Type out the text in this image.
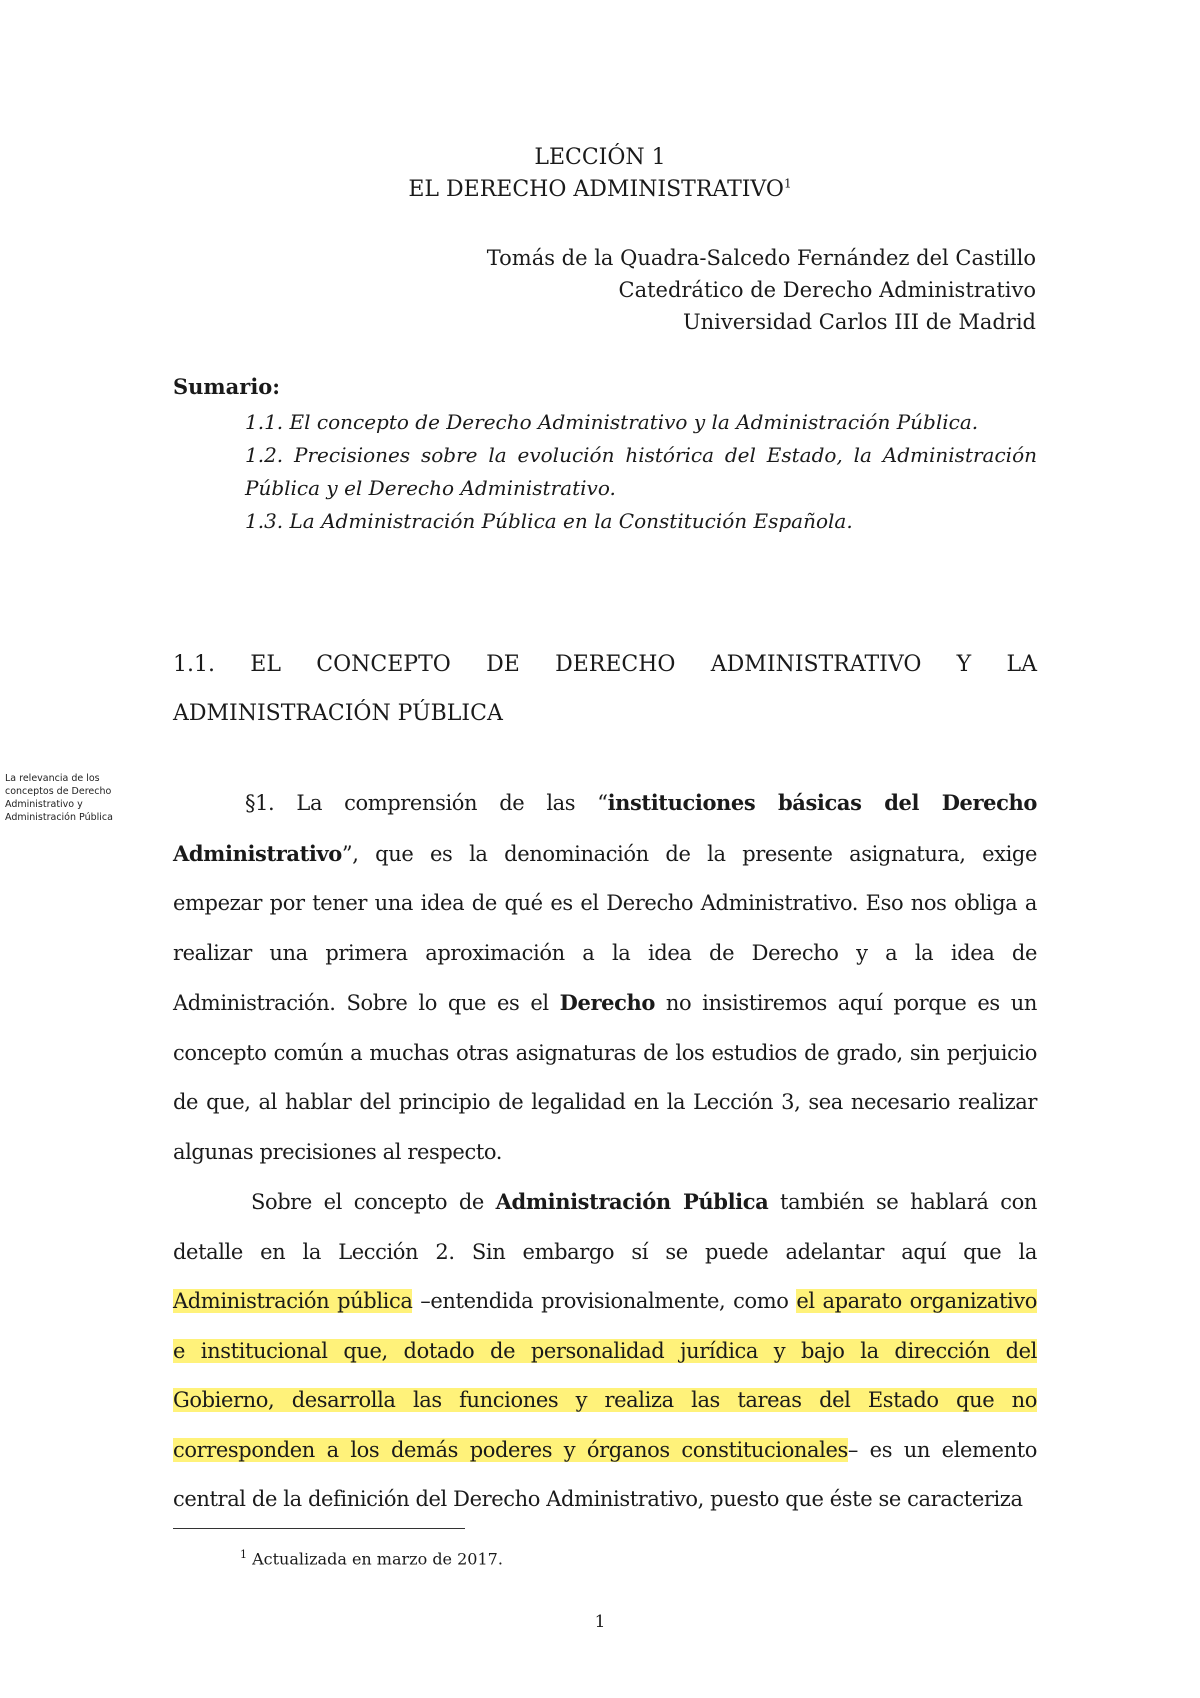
LECCIÓN 1
EL DERECHO ADMINISTRATIVO$^1$
Tomás de la Quadra-Salcedo Fernández del Castillo
Catedrático de Derecho Administrativo
Universidad Carlos III de Madrid
Sumario:
1.1. El concepto de Derecho Administrativo y la Administración Pública.
1.2. Precisiones sobre la evolución histórica del Estado, la Administración Pública y el Derecho Administrativo.
1.3. La Administración Pública en la Constitución Española.
1.1. EL CONCEPTO DE DERECHO ADMINISTRATIVO Y LA ADMINISTRACIÓN PÚBLICA
La relevancia de los conceptos de Derecho Administrativo y Administración Pública

§1. La comprensión de las “instituciones básicas del Derecho Administrativo”, que es la denominación de la presente asignatura, exige empezar por tener una idea de qué es el Derecho Administrativo. Eso nos obliga a realizar una primera aproximación a la idea de Derecho y a la idea de Administración. Sobre lo que es el Derecho no insistiremos aquí porque es un concepto común a muchas otras asignaturas de los estudios de grado, sin perjuicio de que, al hablar del principio de legalidad en la Lección 3, sea necesario realizar algunas precisiones al respecto.

Sobre el concepto de Administración Pública también se hablará con detalle en la Lección 2. Sin embargo sí se puede adelantar aquí que la Administración pública –entendida provisionalmente, como el aparato organizativo e institucional que, dotado de personalidad jurídica y bajo la dirección del Gobierno, desarrolla las funciones y realiza las tareas del Estado que no corresponden a los demás poderes y órganos constitucionales– es un elemento central de la definición del Derecho Administrativo, puesto que éste se caracteriza

$^1$ Actualizada en marzo de 2017.
1
